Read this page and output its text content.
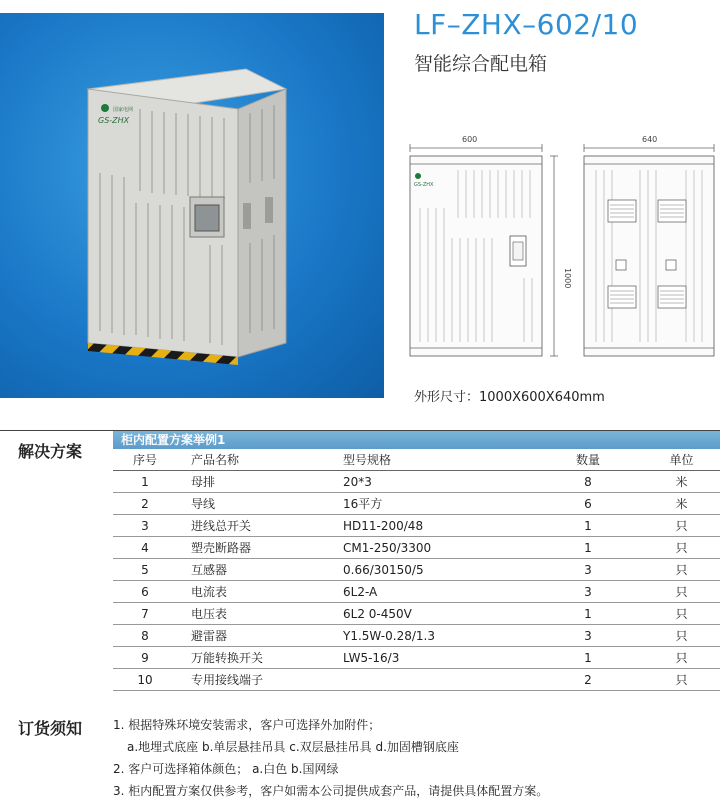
GS-ZHX
国家电网
LF–ZHX–602/10
智能综合配电箱
GS-ZHX
600	640
1000
外形尺寸：1000X600X640mm
解决方案
柜内配置方案举例1
序号	产品名称	型号规格	数量	单位
1	母排	20*3	8	米
2	导线	16平方	6	米
3	进线总开关	HD11-200/48	1	只
4	塑壳断路器	CM1-250/3300	1	只
5	互感器	0.66/30150/5	3	只
6	电流表	6L2-A	3	只
7	电压表	6L2 0-450V	1	只
8	避雷器	Y1.5W-0.28/1.3	3	只
9	万能转换开关	LW5-16/3	1	只
10	专用接线端子		2	只
订货须知	1. 根据特殊环境安装需求，客户可选择外加附件；
a.地埋式底座 b.单层悬挂吊具 c.双层悬挂吊具 d.加固槽钢底座
2. 客户可选择箱体颜色； a.白色 b.国网绿
3. 柜内配置方案仅供参考，客户如需本公司提供成套产品，请提供具体配置方案。
